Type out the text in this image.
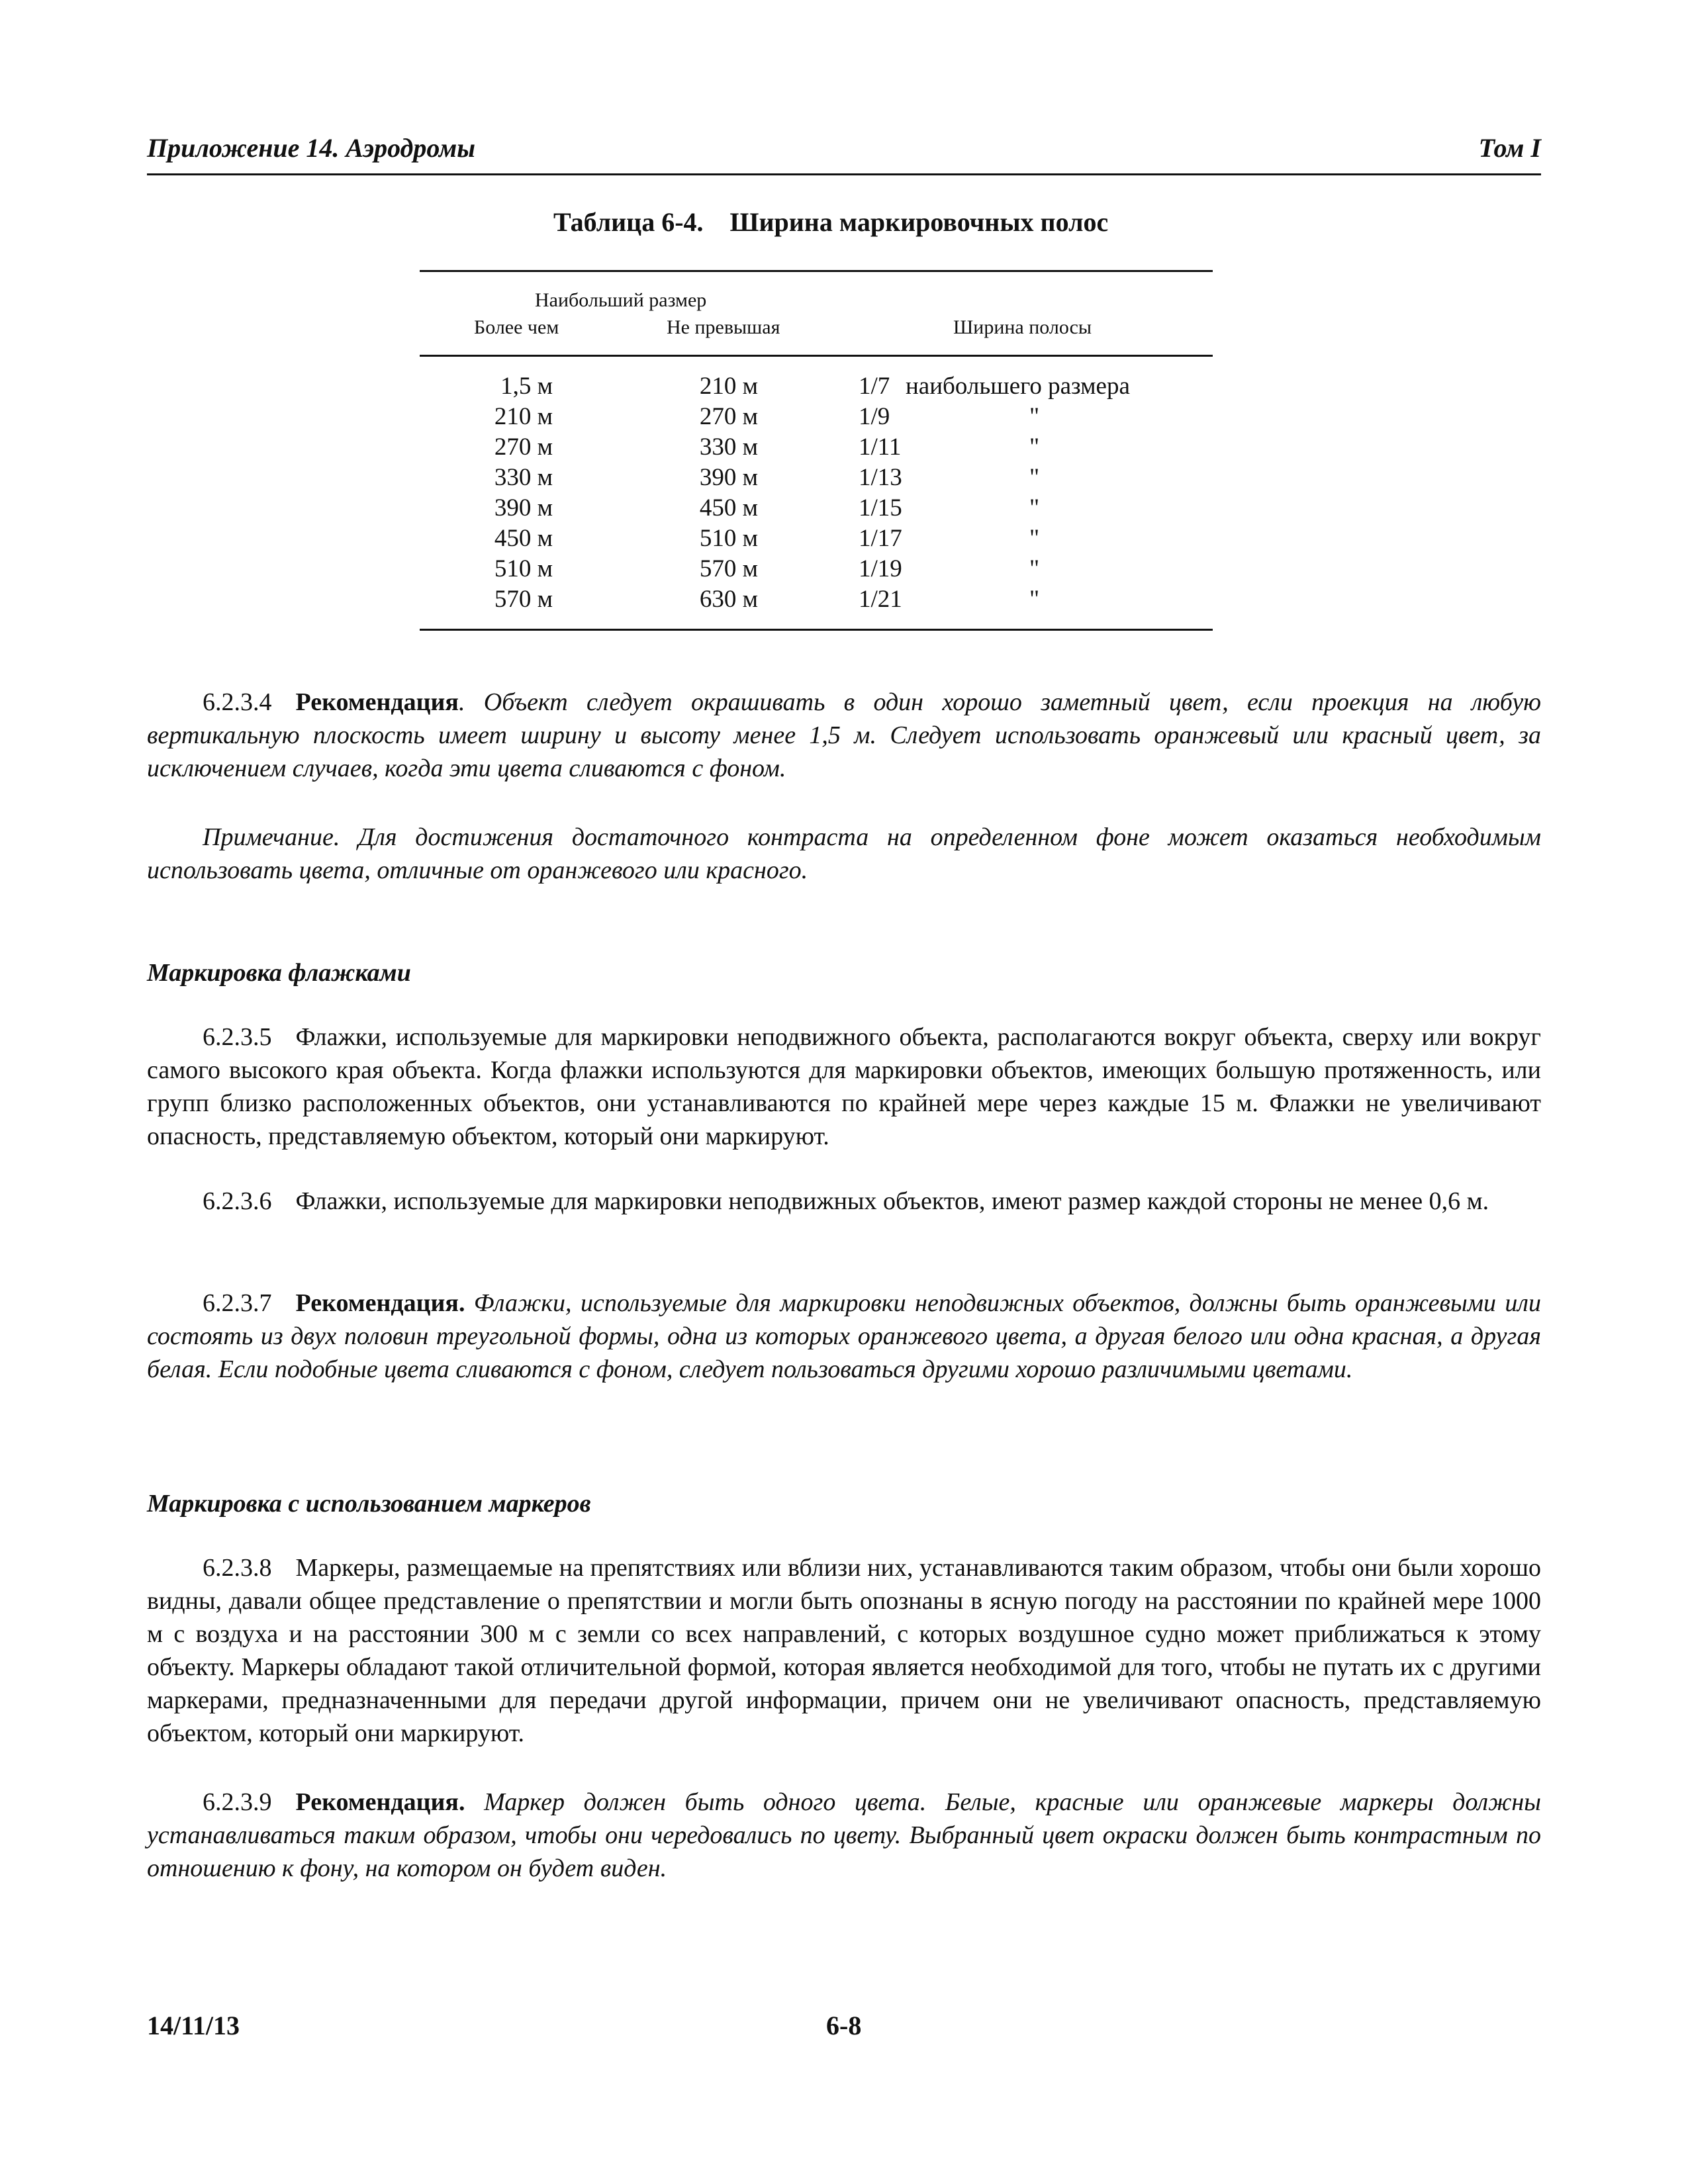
Приложение 14. Аэродромы	Том I
Таблица 6-4.    Ширина маркировочных полос
Наибольший размер
Более чем	Не превышая	Ширина полосы
1,5 м	210 м	1/7 наибольшего размера
210 м	270 м	1/9	"
270 м	330 м	1/11	"
330 м	390 м	1/13	"
390 м	450 м	1/15	"
450 м	510 м	1/17	"
510 м	570 м	1/19	"
570 м	630 м	1/21	"

6.2.3.4 Рекомендация. Объект следует окрашивать в один хорошо заметный цвет, если проекция на любую вертикальную плоскость имеет ширину и высоту менее 1,5 м. Следует использовать оранжевый или красный цвет, за исключением случаев, когда эти цвета сливаются с фоном.

Примечание. Для достижения достаточного контраста на определенном фоне может оказаться необходимым использовать цвета, отличные от оранжевого или красного.

Маркировка флажками

6.2.3.5 Флажки, используемые для маркировки неподвижного объекта, располагаются вокруг объекта, сверху или вокруг самого высокого края объекта. Когда флажки используются для маркировки объектов, имеющих большую протяженность, или групп близко расположенных объектов, они устанавливаются по крайней мере через каждые 15 м. Флажки не увеличивают опасность, представляемую объектом, который они маркируют.

6.2.3.6 Флажки, используемые для маркировки неподвижных объектов, имеют размер каждой стороны не менее 0,6 м.

6.2.3.7 Рекомендация. Флажки, используемые для маркировки неподвижных объектов, должны быть оранжевыми или состоять из двух половин треугольной формы, одна из которых оранжевого цвета, а другая белого или одна красная, а другая белая. Если подобные цвета сливаются с фоном, следует пользоваться другими хорошо различимыми цветами.

Маркировка с использованием маркеров

6.2.3.8 Маркеры, размещаемые на препятствиях или вблизи них, устанавливаются таким образом, чтобы они были хорошо видны, давали общее представление о препятствии и могли быть опознаны в ясную погоду на расстоянии по крайней мере 1000 м с воздуха и на расстоянии 300 м с земли со всех направлений, с которых воздушное судно может приближаться к этому объекту. Маркеры обладают такой отличительной формой, которая является необходимой для того, чтобы не путать их с другими маркерами, предназначенными для передачи другой информации, причем они не увеличивают опасность, представляемую объектом, который они маркируют.

6.2.3.9 Рекомендация. Маркер должен быть одного цвета. Белые, красные или оранжевые маркеры должны устанавливаться таким образом, чтобы они чередовались по цвету. Выбранный цвет окраски должен быть контрастным по отношению к фону, на котором он будет виден.

14/11/13	6-8
